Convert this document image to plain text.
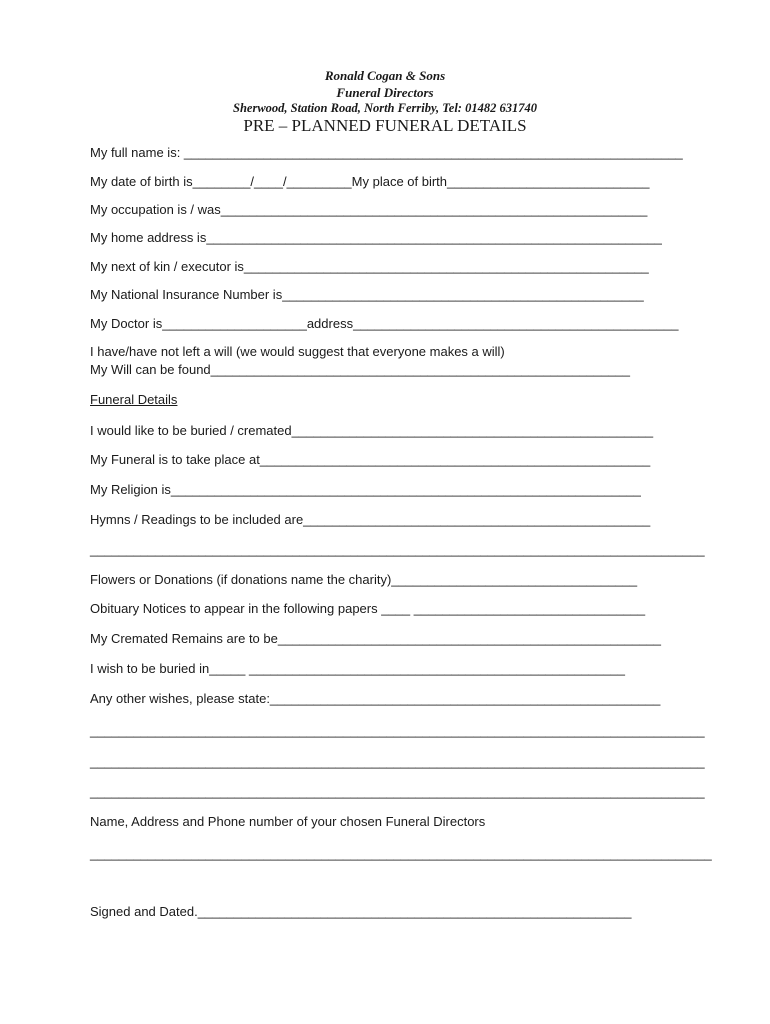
Ronald Cogan & Sons
Funeral Directors
Sherwood, Station Road, North Ferriby, Tel: 01482 631740
PRE – PLANNED FUNERAL DETAILS
My full name is: _____________________________________________________________________
My date of birth is________/____/_________My place of birth____________________________
My occupation is / was___________________________________________________________
My home address is_______________________________________________________________
My next of kin / executor is________________________________________________________
My National Insurance Number is__________________________________________________
My Doctor is____________________address_____________________________________________
I have/have not left a will (we would suggest that everyone makes a will)
My Will can be found__________________________________________________________
Funeral Details
I would like to be buried / cremated__________________________________________________
My Funeral is to take place at______________________________________________________
My Religion is_________________________________________________________________
Hymns / Readings to be included are________________________________________________
_____________________________________________________________________________________
Flowers or Donations (if donations name the charity)__________________________________
Obituary Notices to appear in the following papers ____ ________________________________
My Cremated Remains are to be_____________________________________________________
I wish to be buried in_____ ____________________________________________________
Any other wishes, please state:______________________________________________________
_____________________________________________________________________________________
_____________________________________________________________________________________
_____________________________________________________________________________________
Name, Address and Phone number of your chosen Funeral Directors
______________________________________________________________________________________
Signed and Dated.____________________________________________________________
